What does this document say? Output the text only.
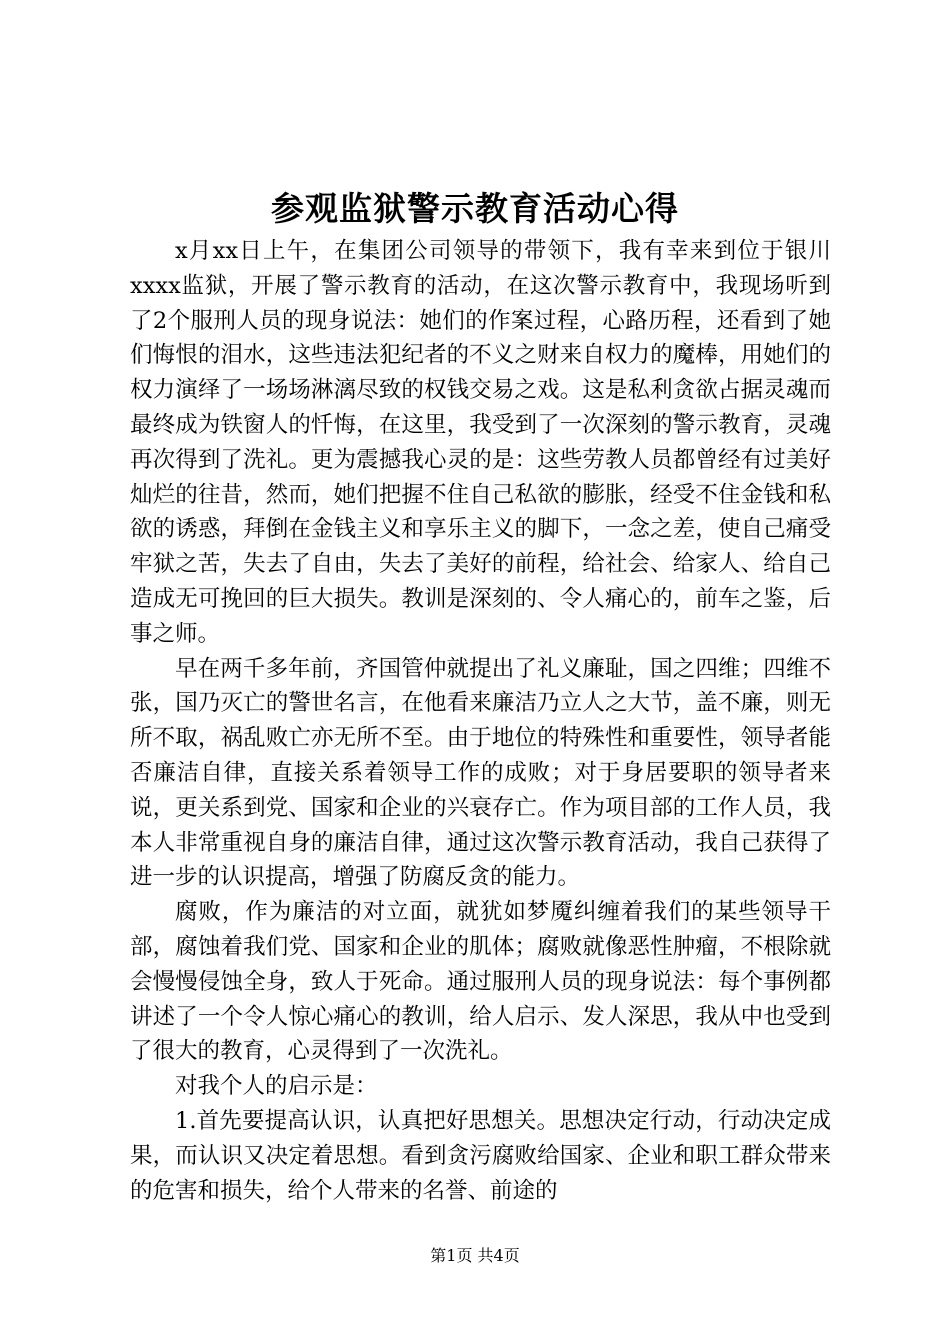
参观监狱警示教育活动心得

x月xx日上午，在集团公司领导的带领下，我有幸来到位于银川xxxx监狱，开展了警示教育的活动，在这次警示教育中，我现场听到了2个服刑人员的现身说法：她们的作案过程，心路历程，还看到了她们悔恨的泪水，这些违法犯纪者的不义之财来自权力的魔棒，用她们的权力演绎了一场场淋漓尽致的权钱交易之戏。这是私利贪欲占据灵魂而最终成为铁窗人的忏悔，在这里，我受到了一次深刻的警示教育，灵魂再次得到了洗礼。更为震撼我心灵的是：这些劳教人员都曾经有过美好灿烂的往昔，然而，她们把握不住自己私欲的膨胀，经受不住金钱和私欲的诱惑，拜倒在金钱主义和享乐主义的脚下，一念之差，使自己痛受牢狱之苦，失去了自由，失去了美好的前程，给社会、给家人、给自己造成无可挽回的巨大损失。教训是深刻的、令人痛心的，前车之鉴，后事之师。

早在两千多年前，齐国管仲就提出了礼义廉耻，国之四维；四维不张，国乃灭亡的警世名言，在他看来廉洁乃立人之大节，盖不廉，则无所不取，祸乱败亡亦无所不至。由于地位的特殊性和重要性，领导者能否廉洁自律，直接关系着领导工作的成败；对于身居要职的领导者来说，更关系到党、国家和企业的兴衰存亡。作为项目部的工作人员，我本人非常重视自身的廉洁自律，通过这次警示教育活动，我自己获得了进一步的认识提高，增强了防腐反贪的能力。

腐败，作为廉洁的对立面，就犹如梦魇纠缠着我们的某些领导干部，腐蚀着我们党、国家和企业的肌体；腐败就像恶性肿瘤，不根除就会慢慢侵蚀全身，致人于死命。通过服刑人员的现身说法：每个事例都讲述了一个令人惊心痛心的教训，给人启示、发人深思，我从中也受到了很大的教育，心灵得到了一次洗礼。

对我个人的启示是：

1.首先要提高认识，认真把好思想关。思想决定行动，行动决定成果，而认识又决定着思想。看到贪污腐败给国家、企业和职工群众带来的危害和损失，给个人带来的名誉、前途的

第1页 共4页
